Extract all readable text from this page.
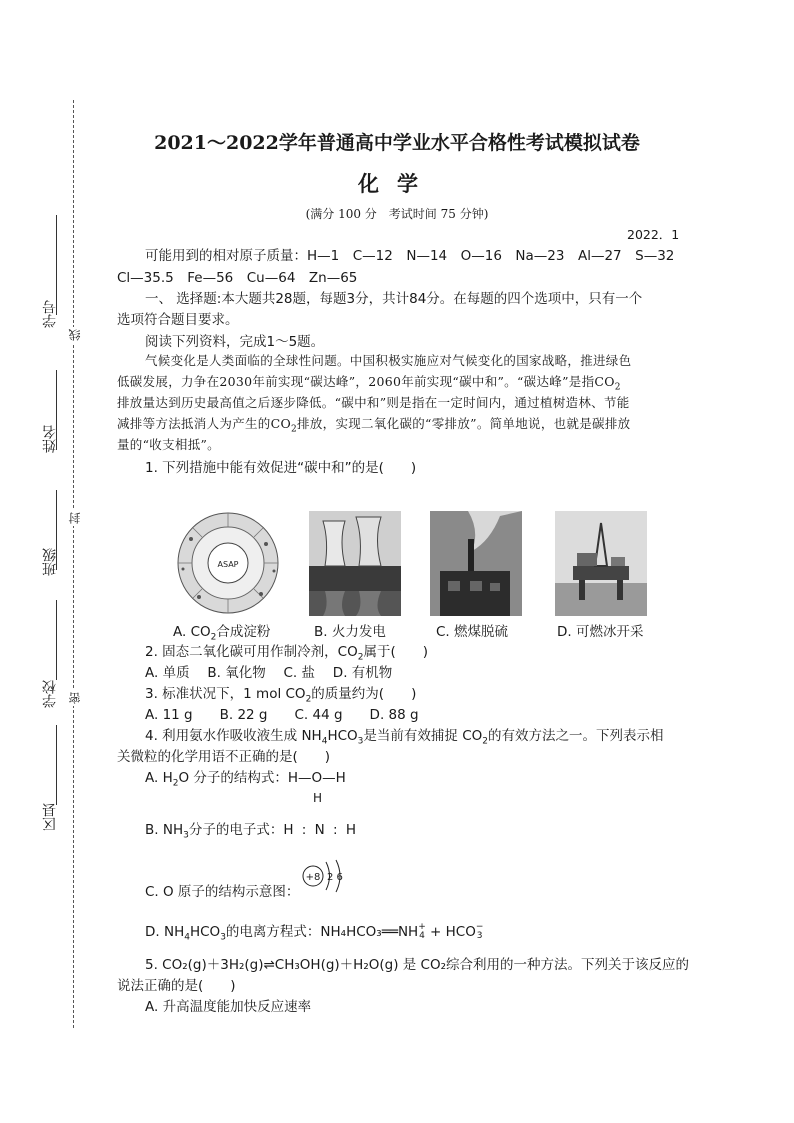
学号
姓名
班级
学校
区县
线
封
密
2021～2022学年普通高中学业水平合格性考试模拟试卷
化学
(满分 100 分　考试时间 75 分钟)
2022．1
可能用到的相对原子质量：H—1　C—12　N—14　O—16　Na—23　Al—27　S—32
Cl—35.5　Fe—56　Cu—64　Zn—65
一、 选择题:本大题共28题，每题3分，共计84分。在每题的四个选项中，只有一个
选项符合题目要求。
阅读下列资料，完成1～5题。
气候变化是人类面临的全球性问题。中国积极实施应对气候变化的国家战略，推进绿色
低碳发展，力争在2030年前实现“碳达峰”，2060年前实现“碳中和”。“碳达峰”是指$CO_2$
排放量达到历史最高值之后逐步降低。“碳中和”则是指在一定时间内，通过植树造林、节能
减排等方法抵消人为产生的$CO_2$排放，实现二氧化碳的“零排放”。简单地说，也就是碳排放
量的“收支相抵”。
1. 下列措施中能有效促进“碳中和”的是(　　)
ASAP
A. $CO_2$合成淀粉	B. 火力发电	C. 燃煤脱硫	D. 可燃冰开采
2. 固态二氧化碳可用作制冷剂，$CO_2$属于(　　)
A. 单质　 B. 氧化物　 C. 盐　 D. 有机物
3. 标准状况下，1 mol $CO_2$的质量约为(　　)
A. 11 g　　B. 22 g　　C. 44 g　　D. 88 g
4. 利用氨水作吸收液生成 $NH_4HCO_3$是当前有效捕捉 $CO_2$的有效方法之一。下列表示相
关微粒的化学用语不正确的是(　　)
A. $H_2O$ 分子的结构式：H—O—H
H
B. $NH_3$分子的电子式：H : N : H
C. O 原子的结构示意图：
+8 2 6
D. $NH_4HCO_3$的电离方程式：NH₄HCO₃══NH +
4 + HCO −
3
5. CO₂(g)＋3H₂(g)⇌CH₃OH(g)＋H₂O(g) 是 CO₂综合利用的一种方法。下列关于该反应的
说法正确的是(　　)
A. 升高温度能加快反应速率
